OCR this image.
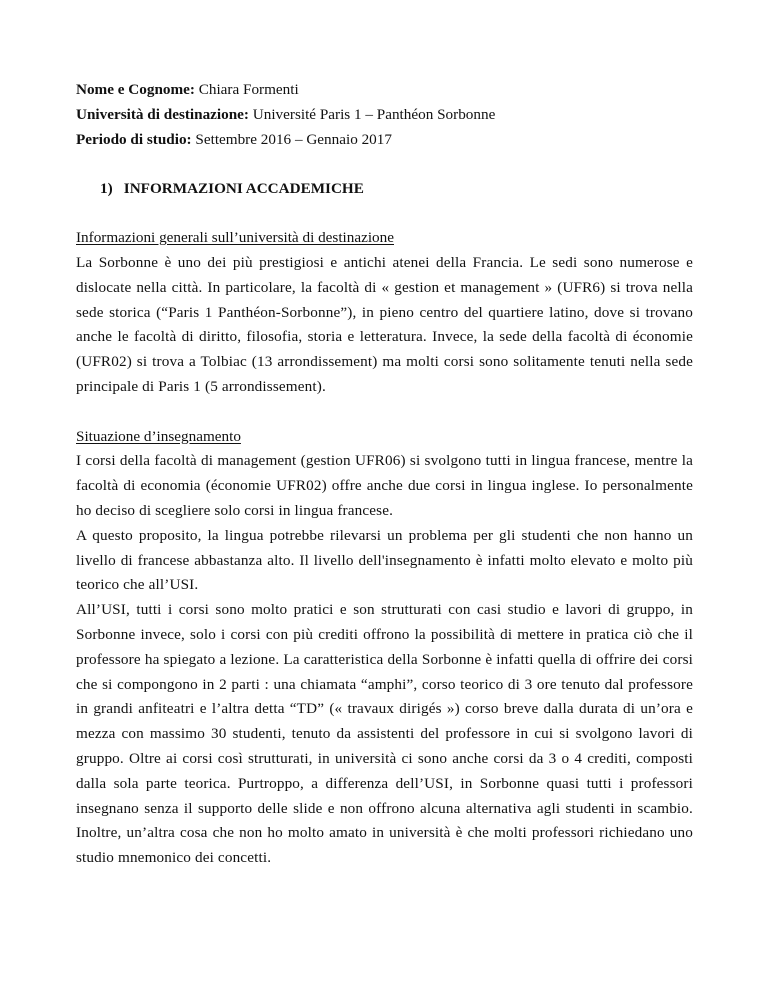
Nome e Cognome: Chiara Formenti

Università di destinazione: Université Paris 1 – Panthéon Sorbonne

Periodo di studio: Settembre 2016 – Gennaio 2017

1) INFORMAZIONI ACCADEMICHE

Informazioni generali sull’università di destinazione

La Sorbonne è uno dei più prestigiosi e antichi atenei della Francia. Le sedi sono numerose e dislocate nella città. In particolare, la facoltà di « gestion et management » (UFR6) si trova nella sede storica (“Paris 1 Panthéon-Sorbonne”), in pieno centro del quartiere latino, dove si trovano anche le facoltà di diritto, filosofia, storia e letteratura. Invece, la sede della facoltà di économie (UFR02) si trova a Tolbiac (13 arrondissement) ma molti corsi sono solitamente tenuti nella sede principale di Paris 1 (5 arrondissement).

Situazione d’insegnamento

I corsi della facoltà di management (gestion UFR06) si svolgono tutti in lingua francese, mentre la facoltà di economia (économie UFR02) offre anche due corsi in lingua inglese. Io personalmente ho deciso di scegliere solo corsi in lingua francese.

A questo proposito, la lingua potrebbe rilevarsi un problema per gli studenti che non hanno un livello di francese abbastanza alto. Il livello dell'insegnamento è infatti molto elevato e molto più teorico che all’USI.

All’USI, tutti i corsi sono molto pratici e son strutturati con casi studio e lavori di gruppo, in Sorbonne invece, solo i corsi con più crediti offrono la possibilità di mettere in pratica ciò che il professore ha spiegato a lezione. La caratteristica della Sorbonne è infatti quella di offrire dei corsi che si compongono in 2 parti : una chiamata “amphi”, corso teorico di 3 ore tenuto dal professore in grandi anfiteatri e l’altra detta “TD” (« travaux dirigés ») corso breve dalla durata di un’ora e mezza con massimo 30 studenti, tenuto da assistenti del professore in cui si svolgono lavori di gruppo. Oltre ai corsi così strutturati, in università ci sono anche corsi da 3 o 4 crediti, composti dalla sola parte teorica. Purtroppo, a differenza dell’USI, in Sorbonne quasi tutti i professori insegnano senza il supporto delle slide e non offrono alcuna alternativa agli studenti in scambio. Inoltre, un’altra cosa che non ho molto amato in università è che molti professori richiedano uno studio mnemonico dei concetti.
